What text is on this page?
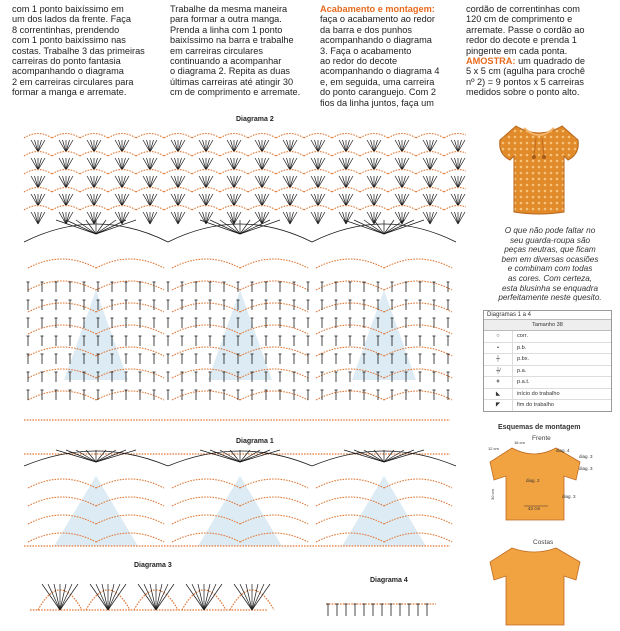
com 1 ponto baixíssimo em
um dos lados da frente. Faça
8 correntinhas, prendendo
com 1 ponto baixíssimo nas
costas. Trabalhe 3 das primeiras
carreiras do ponto fantasia
acompanhando o diagrama
2 em carreiras circulares para
formar a manga e arremate.
Trabalhe da mesma maneira
para formar a outra manga.
Prenda a linha com 1 ponto
baixíssimo na barra e trabalhe
em carreiras circulares
continuando a acompanhar
o diagrama 2. Repita as duas
últimas carreiras até atingir 30
cm de comprimento e arremate.
Acabamento e montagem:
faça o acabamento ao redor
da barra e dos punhos
acompanhando o diagrama
3. Faça o acabamento
ao redor do decote
acompanhando o diagrama 4
e, em seguida, uma carreira
do ponto caranguejo. Com 2
fios da linha juntos, faça um
cordão de correntinhas com
120 cm de comprimento e
arremate. Passe o cordão ao
redor do decote e prenda 1
pingente em cada ponta.
AMOSTRA: um quadrado de
5 x 5 cm (agulha para crochê
nº 2) = 9 pontos x 5 carreiras
medidos sobre o ponto alto.
Diagrama 2
Diagrama 1
Diagrama 3
Diagrama 4
O que não pode faltar no
seu guarda-roupa são
peças neutras, que ficam
bem em diversas ocasiões
e combinam com todas
as cores. Com certeza,
esta blusinha se enquadra
perfeitamente neste quesito.
Diagramas 1 a 4
Tamanho 38
○	corr.
•	p.b.
┼	p.bx.
┼̸	p.a.
ǂ	p.a.t.
◣	início do trabalho
◤	fim do trabalho
Esquemas de montagem
Frente
Costas
diag. 4
diag. 3
diag. 3
diag. 2
diag. 3
42 cm
30 cm
12 cm
16 cm
